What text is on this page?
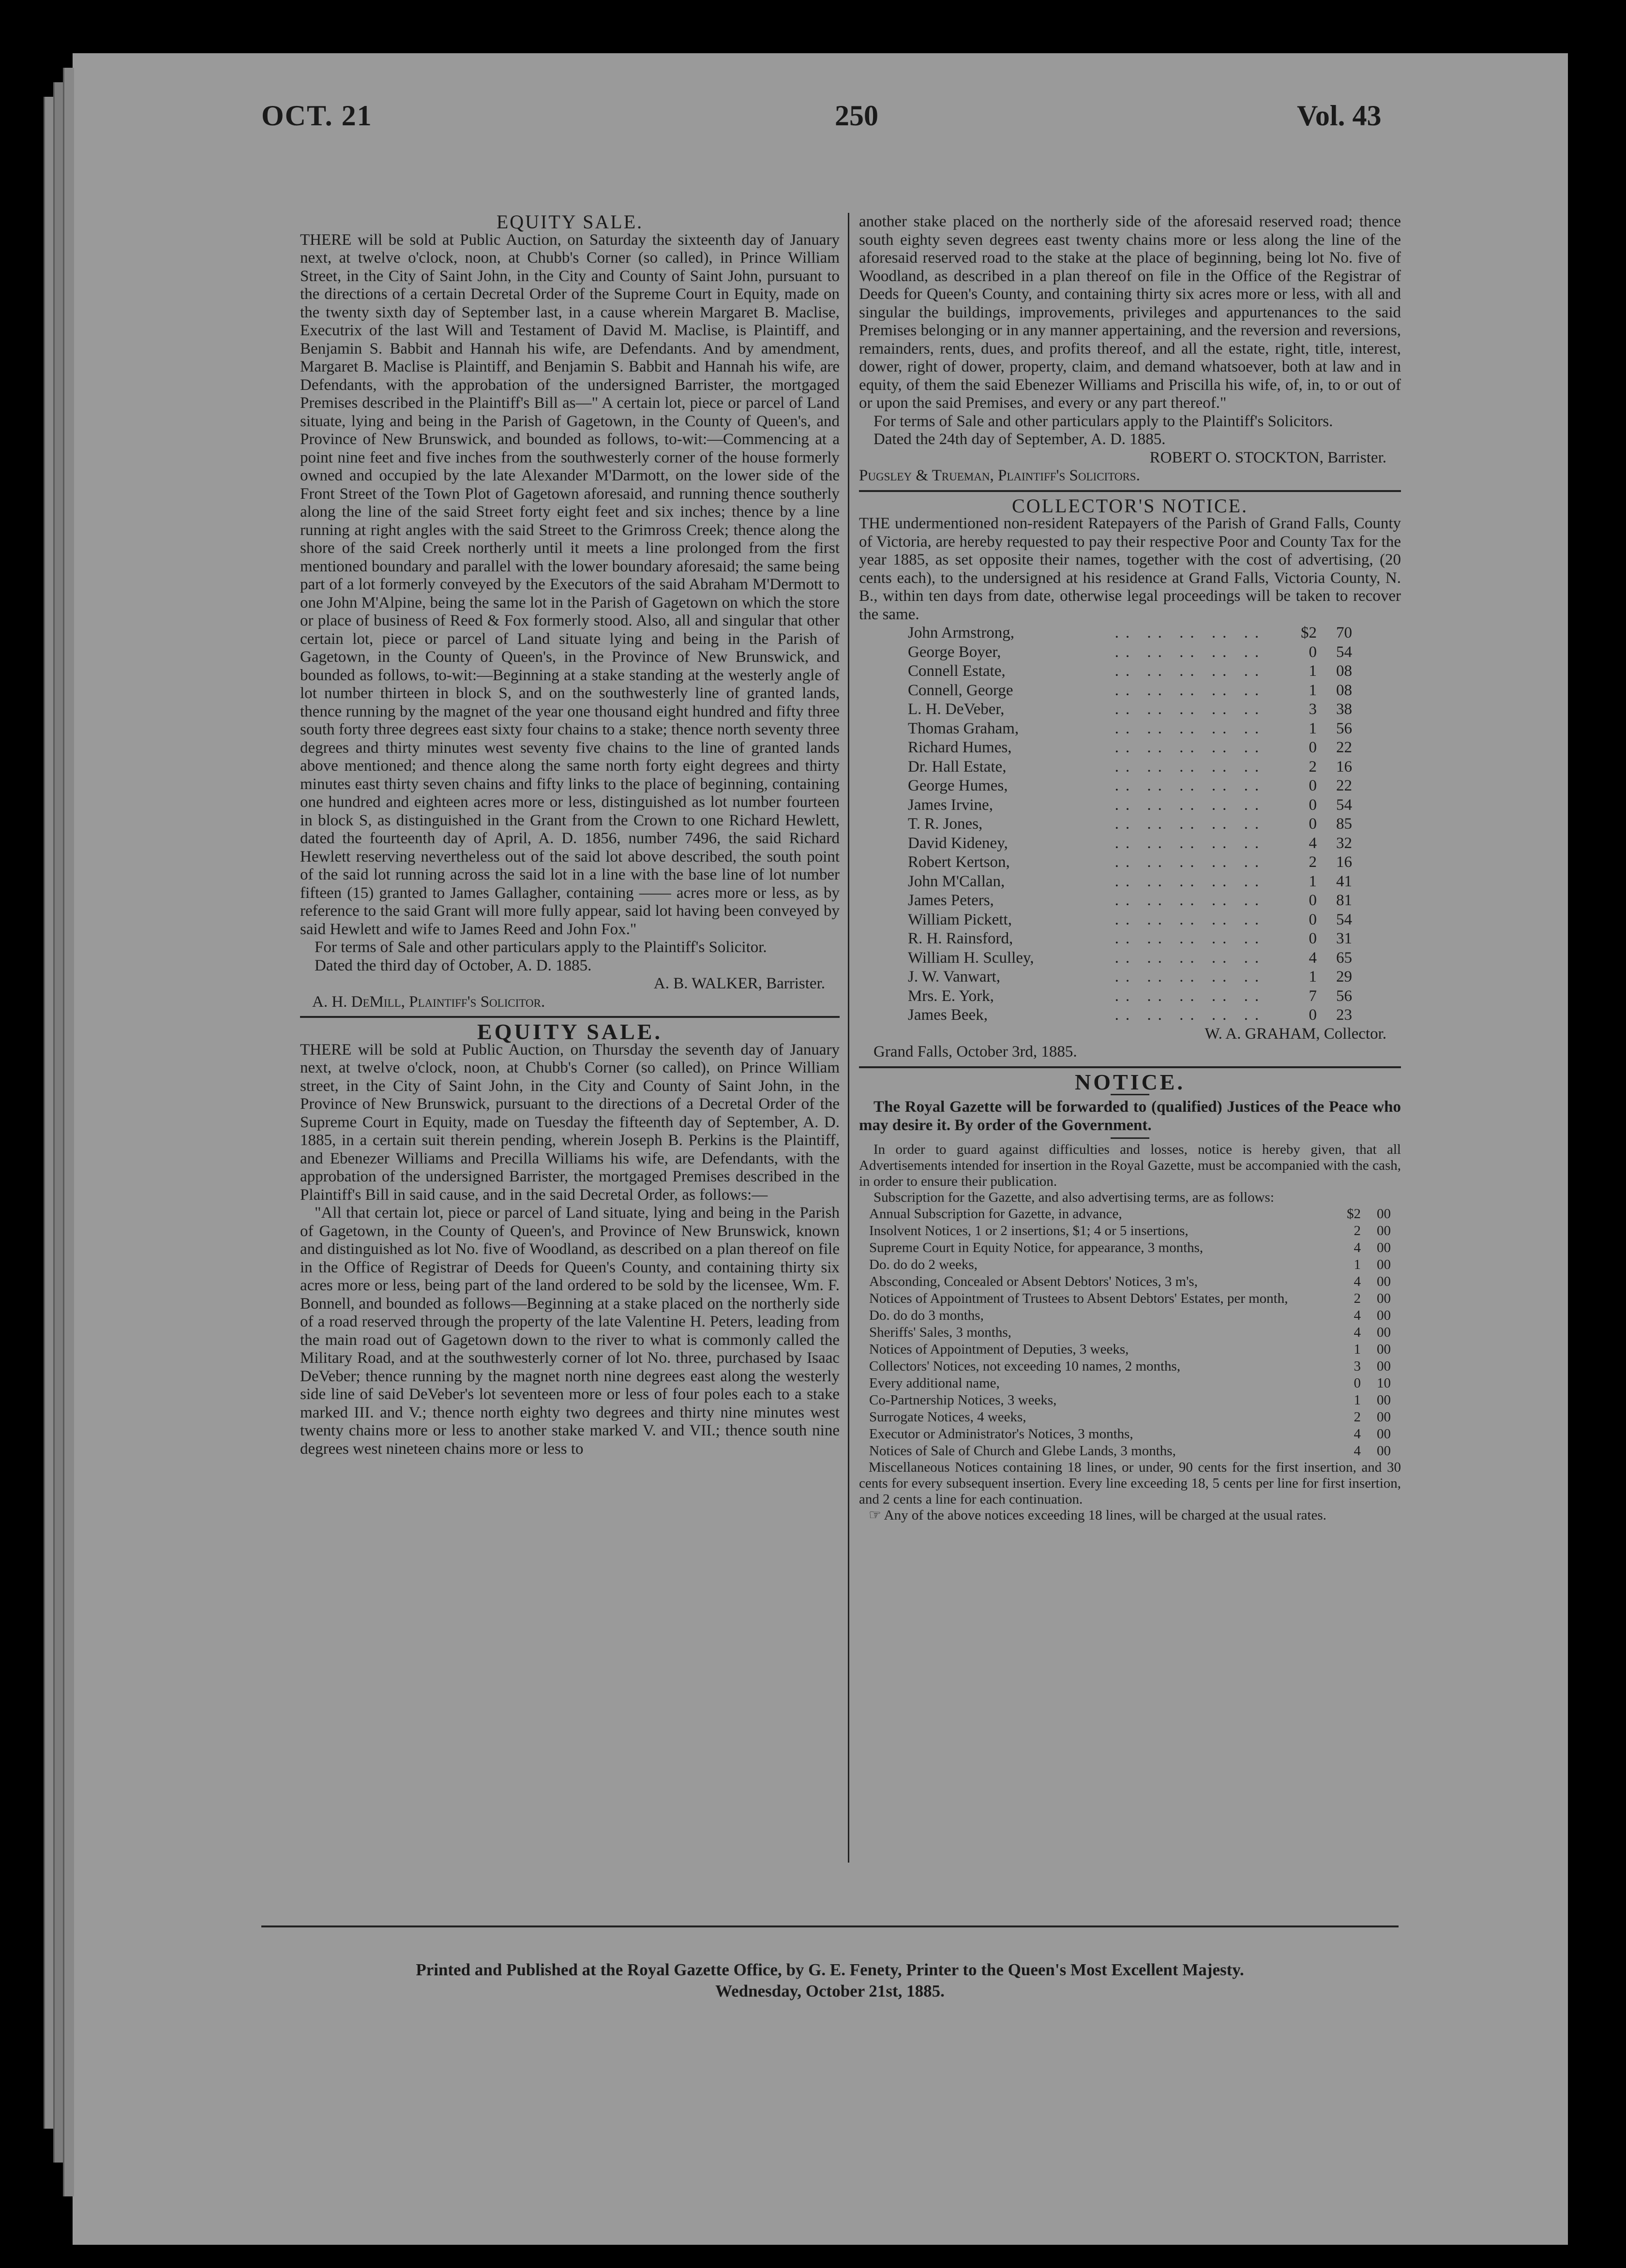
OCT. 21	250	Vol. 43

EQUITY SALE.

THERE will be sold at Public Auction, on Saturday the sixteenth day of January next, at twelve o'clock, noon, at Chubb's Corner (so called), in Prince William Street, in the City of Saint John, in the City and County of Saint John, pursuant to the directions of a certain Decretal Order of the Supreme Court in Equity, made on the twenty sixth day of September last, in a cause wherein Margaret B. Maclise, Executrix of the last Will and Testament of David M. Maclise, is Plaintiff, and Benjamin S. Babbit and Hannah his wife, are Defendants. And by amendment, Margaret B. Maclise is Plaintiff, and Benjamin S. Babbit and Hannah his wife, are Defendants, with the approbation of the undersigned Barrister, the mortgaged Premises described in the Plaintiff's Bill as—" A certain lot, piece or parcel of Land situate, lying and being in the Parish of Gagetown, in the County of Queen's, and Province of New Brunswick, and bounded as follows, to-wit:—Commencing at a point nine feet and five inches from the southwesterly corner of the house formerly owned and occupied by the late Alexander M'Darmott, on the lower side of the Front Street of the Town Plot of Gagetown aforesaid, and running thence southerly along the line of the said Street forty eight feet and six inches; thence by a line running at right angles with the said Street to the Grimross Creek; thence along the shore of the said Creek northerly until it meets a line prolonged from the first mentioned boundary and parallel with the lower boundary aforesaid; the same being part of a lot formerly conveyed by the Executors of the said Abraham M'Dermott to one John M'Alpine, being the same lot in the Parish of Gagetown on which the store or place of business of Reed & Fox formerly stood. Also, all and singular that other certain lot, piece or parcel of Land situate lying and being in the Parish of Gagetown, in the County of Queen's, in the Province of New Brunswick, and bounded as follows, to-wit:—Beginning at a stake standing at the westerly angle of lot number thirteen in block S, and on the southwesterly line of granted lands, thence running by the magnet of the year one thousand eight hundred and fifty three south forty three degrees east sixty four chains to a stake; thence north seventy three degrees and thirty minutes west seventy five chains to the line of granted lands above mentioned; and thence along the same north forty eight degrees and thirty minutes east thirty seven chains and fifty links to the place of beginning, containing one hundred and eighteen acres more or less, distinguished as lot number fourteen in block S, as distinguished in the Grant from the Crown to one Richard Hewlett, dated the fourteenth day of April, A. D. 1856, number 7496, the said Richard Hewlett reserving nevertheless out of the said lot above described, the south point of the said lot running across the said lot in a line with the base line of lot number fifteen (15) granted to James Gallagher, containing —— acres more or less, as by reference to the said Grant will more fully appear, said lot having been conveyed by said Hewlett and wife to James Reed and John Fox."

For terms of Sale and other particulars apply to the Plaintiff's Solicitor.

Dated the third day of October, A. D. 1885.

A. B. WALKER, Barrister.

A. H. DeMill, Plaintiff's Solicitor.

EQUITY SALE.

THERE will be sold at Public Auction, on Thursday the seventh day of January next, at twelve o'clock, noon, at Chubb's Corner (so called), on Prince William street, in the City of Saint John, in the City and County of Saint John, in the Province of New Brunswick, pursuant to the directions of a Decretal Order of the Supreme Court in Equity, made on Tuesday the fifteenth day of September, A. D. 1885, in a certain suit therein pending, wherein Joseph B. Perkins is the Plaintiff, and Ebenezer Williams and Precilla Williams his wife, are Defendants, with the approbation of the undersigned Barrister, the mortgaged Premises described in the Plaintiff's Bill in said cause, and in the said Decretal Order, as follows:—

"All that certain lot, piece or parcel of Land situate, lying and being in the Parish of Gagetown, in the County of Queen's, and Province of New Brunswick, known and distinguished as lot No. five of Woodland, as described on a plan thereof on file in the Office of Registrar of Deeds for Queen's County, and containing thirty six acres more or less, being part of the land ordered to be sold by the licensee, Wm. F. Bonnell, and bounded as follows—Beginning at a stake placed on the northerly side of a road reserved through the property of the late Valentine H. Peters, leading from the main road out of Gagetown down to the river to what is commonly called the Military Road, and at the southwesterly corner of lot No. three, purchased by Isaac DeVeber; thence running by the magnet north nine degrees east along the westerly side line of said DeVeber's lot seventeen more or less of four poles each to a stake marked III. and V.; thence north eighty two degrees and thirty nine minutes west twenty chains more or less to another stake marked V. and VII.; thence south nine degrees west nineteen chains more or less to

another stake placed on the northerly side of the aforesaid reserved road; thence south eighty seven degrees east twenty chains more or less along the line of the aforesaid reserved road to the stake at the place of beginning, being lot No. five of Woodland, as described in a plan thereof on file in the Office of the Registrar of Deeds for Queen's County, and containing thirty six acres more or less, with all and singular the buildings, improvements, privileges and appurtenances to the said Premises belonging or in any manner appertaining, and the reversion and reversions, remainders, rents, dues, and profits thereof, and all the estate, right, title, interest, dower, right of dower, property, claim, and demand whatsoever, both at law and in equity, of them the said Ebenezer Williams and Priscilla his wife, of, in, to or out of or upon the said Premises, and every or any part thereof."

For terms of Sale and other particulars apply to the Plaintiff's Solicitors.

Dated the 24th day of September, A. D. 1885.

ROBERT O. STOCKTON, Barrister.

Pugsley & Trueman, Plaintiff's Solicitors.

COLLECTOR'S NOTICE.

THE undermentioned non-resident Ratepayers of the Parish of Grand Falls, County of Victoria, are hereby requested to pay their respective Poor and County Tax for the year 1885, as set opposite their names, together with the cost of advertising, (20 cents each), to the undersigned at his residence at Grand Falls, Victoria County, N. B., within ten days from date, otherwise legal proceedings will be taken to recover the same.

John Armstrong,	.. .. .. .. ..	$2	70
George Boyer,	.. .. .. .. ..	0	54
Connell Estate,	.. .. .. .. ..	1	08
Connell, George	.. .. .. .. ..	1	08
L. H. DeVeber,	.. .. .. .. ..	3	38
Thomas Graham,	.. .. .. .. ..	1	56
Richard Humes,	.. .. .. .. ..	0	22
Dr. Hall Estate,	.. .. .. .. ..	2	16
George Humes,	.. .. .. .. ..	0	22
James Irvine,	.. .. .. .. ..	0	54
T. R. Jones,	.. .. .. .. ..	0	85
David Kideney,	.. .. .. .. ..	4	32
Robert Kertson,	.. .. .. .. ..	2	16
John M'Callan,	.. .. .. .. ..	1	41
James Peters,	.. .. .. .. ..	0	81
William Pickett,	.. .. .. .. ..	0	54
R. H. Rainsford,	.. .. .. .. ..	0	31
William H. Sculley,	.. .. .. .. ..	4	65
J. W. Vanwart,	.. .. .. .. ..	1	29
Mrs. E. York,	.. .. .. .. ..	7	56
James Beek,	.. .. .. .. ..	0	23

W. A. GRAHAM, Collector.

Grand Falls, October 3rd, 1885.

NOTICE.

The Royal Gazette will be forwarded to (qualified) Justices of the Peace who may desire it. By order of the Government.

In order to guard against difficulties and losses, notice is hereby given, that all Advertisements intended for insertion in the Royal Gazette, must be accompanied with the cash, in order to ensure their publication.

Subscription for the Gazette, and also advertising terms, are as follows:

Annual Subscription for Gazette, in advance,	$2	00
Insolvent Notices, 1 or 2 insertions, $1; 4 or 5 insertions,	2	00
Supreme Court in Equity Notice, for appearance, 3 months,	4	00
Do. do do 2 weeks,	1	00
Absconding, Concealed or Absent Debtors' Notices, 3 m's,	4	00
Notices of Appointment of Trustees to Absent Debtors' Estates, per month,	2	00
Do. do do 3 months,	4	00
Sheriffs' Sales, 3 months,	4	00
Notices of Appointment of Deputies, 3 weeks,	1	00
Collectors' Notices, not exceeding 10 names, 2 months,	3	00
Every additional name,	0	10
Co-Partnership Notices, 3 weeks,	1	00
Surrogate Notices, 4 weeks,	2	00
Executor or Administrator's Notices, 3 months,	4	00
Notices of Sale of Church and Glebe Lands, 3 months,	4	00

Miscellaneous Notices containing 18 lines, or under, 90 cents for the first insertion, and 30 cents for every subsequent insertion. Every line exceeding 18, 5 cents per line for first insertion, and 2 cents a line for each continuation.

☞ Any of the above notices exceeding 18 lines, will be charged at the usual rates.

Printed and Published at the Royal Gazette Office, by G. E. Fenety, Printer to the Queen's Most Excellent Majesty.
Wednesday, October 21st, 1885.
